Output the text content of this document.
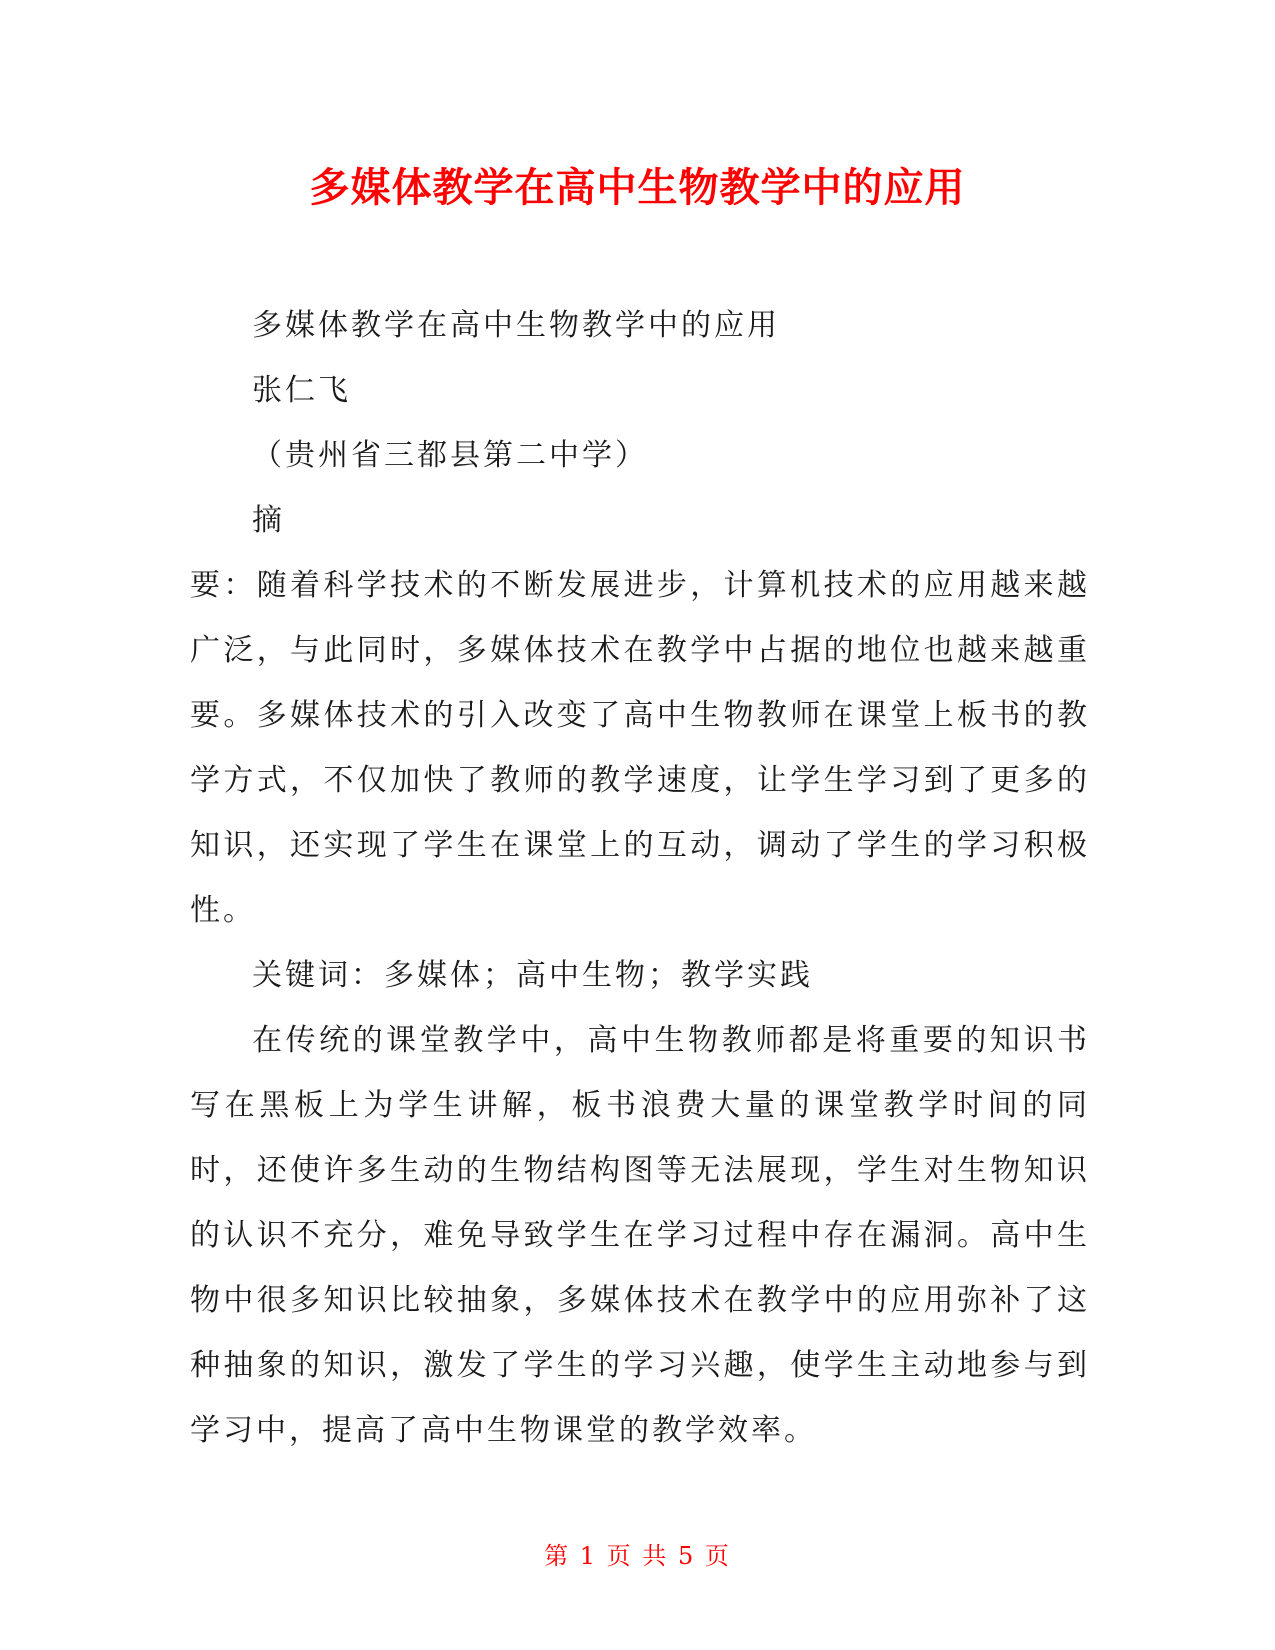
多媒体教学在高中生物教学中的应用

多媒体教学在高中生物教学中的应用

张仁飞

（贵州省三都县第二中学）

摘

要：随着科学技术的不断发展进步，计算机技术的应用越来越广泛，与此同时，多媒体技术在教学中占据的地位也越来越重要。多媒体技术的引入改变了高中生物教师在课堂上板书的教学方式，不仅加快了教师的教学速度，让学生学习到了更多的知识，还实现了学生在课堂上的互动，调动了学生的学习积极性。

关键词：多媒体；高中生物；教学实践

在传统的课堂教学中，高中生物教师都是将重要的知识书写在黑板上为学生讲解，板书浪费大量的课堂教学时间的同时，还使许多生动的生物结构图等无法展现，学生对生物知识的认识不充分，难免导致学生在学习过程中存在漏洞。高中生物中很多知识比较抽象，多媒体技术在教学中的应用弥补了这种抽象的知识，激发了学生的学习兴趣，使学生主动地参与到学习中，提高了高中生物课堂的教学效率。

第 1 页 共 5 页
